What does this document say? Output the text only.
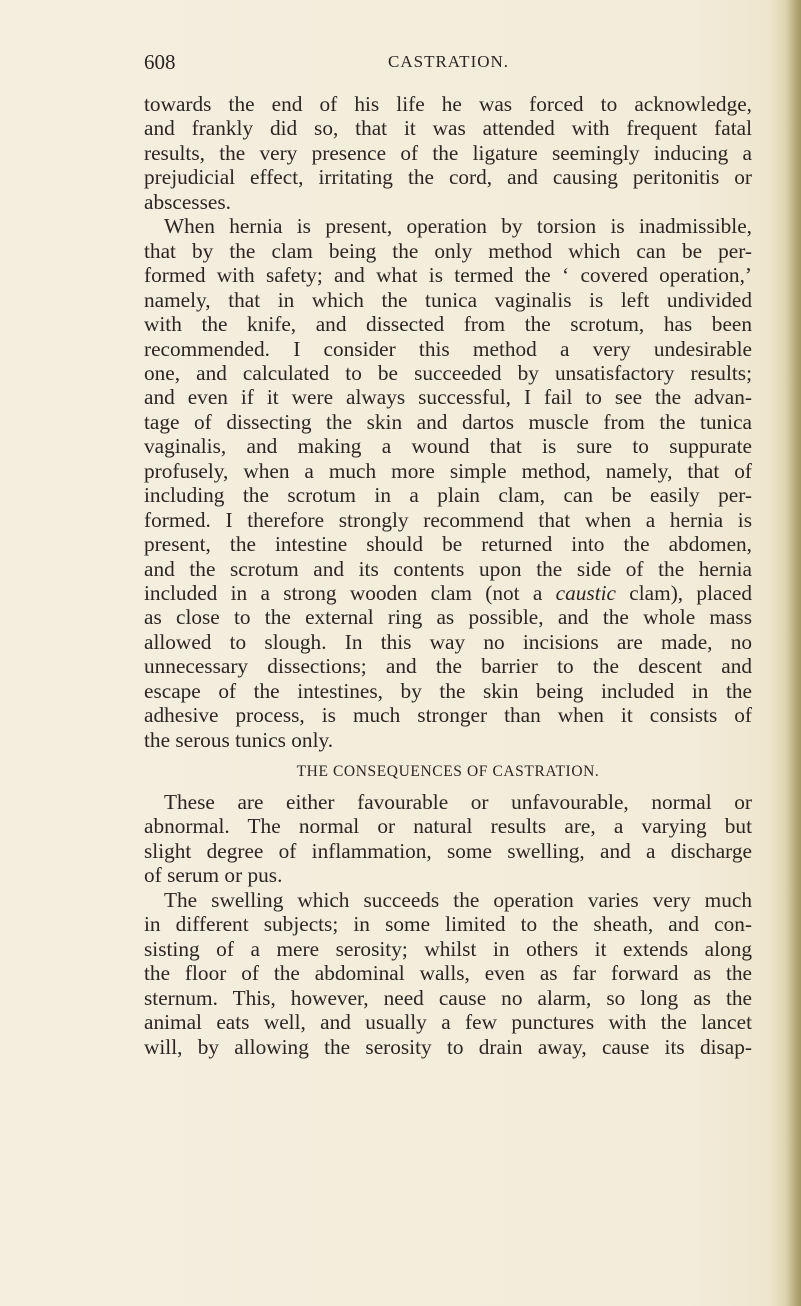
608	CASTRATION.
towards the end of his life he was forced to acknowledge,
and frankly did so, that it was attended with frequent fatal
results, the very presence of the ligature seemingly inducing a
prejudicial effect, irritating the cord, and causing peritonitis or
abscesses.
When hernia is present, operation by torsion is inadmissible,
that by the clam being the only method which can be per-
formed with safety; and what is termed the ‘ covered operation,’
namely, that in which the tunica vaginalis is left undivided
with the knife, and dissected from the scrotum, has been
recommended. I consider this method a very undesirable
one, and calculated to be succeeded by unsatisfactory results;
and even if it were always successful, I fail to see the advan-
tage of dissecting the skin and dartos muscle from the tunica
vaginalis, and making a wound that is sure to suppurate
profusely, when a much more simple method, namely, that of
including the scrotum in a plain clam, can be easily per-
formed. I therefore strongly recommend that when a hernia is
present, the intestine should be returned into the abdomen,
and the scrotum and its contents upon the side of the hernia
included in a strong wooden clam (not a caustic clam), placed
as close to the external ring as possible, and the whole mass
allowed to slough. In this way no incisions are made, no
unnecessary dissections; and the barrier to the descent and
escape of the intestines, by the skin being included in the
adhesive process, is much stronger than when it consists of
the serous tunics only.
THE CONSEQUENCES OF CASTRATION.
These are either favourable or unfavourable, normal or
abnormal. The normal or natural results are, a varying but
slight degree of inflammation, some swelling, and a discharge
of serum or pus.
The swelling which succeeds the operation varies very much
in different subjects; in some limited to the sheath, and con-
sisting of a mere serosity; whilst in others it extends along
the floor of the abdominal walls, even as far forward as the
sternum. This, however, need cause no alarm, so long as the
animal eats well, and usually a few punctures with the lancet
will, by allowing the serosity to drain away, cause its disap-
